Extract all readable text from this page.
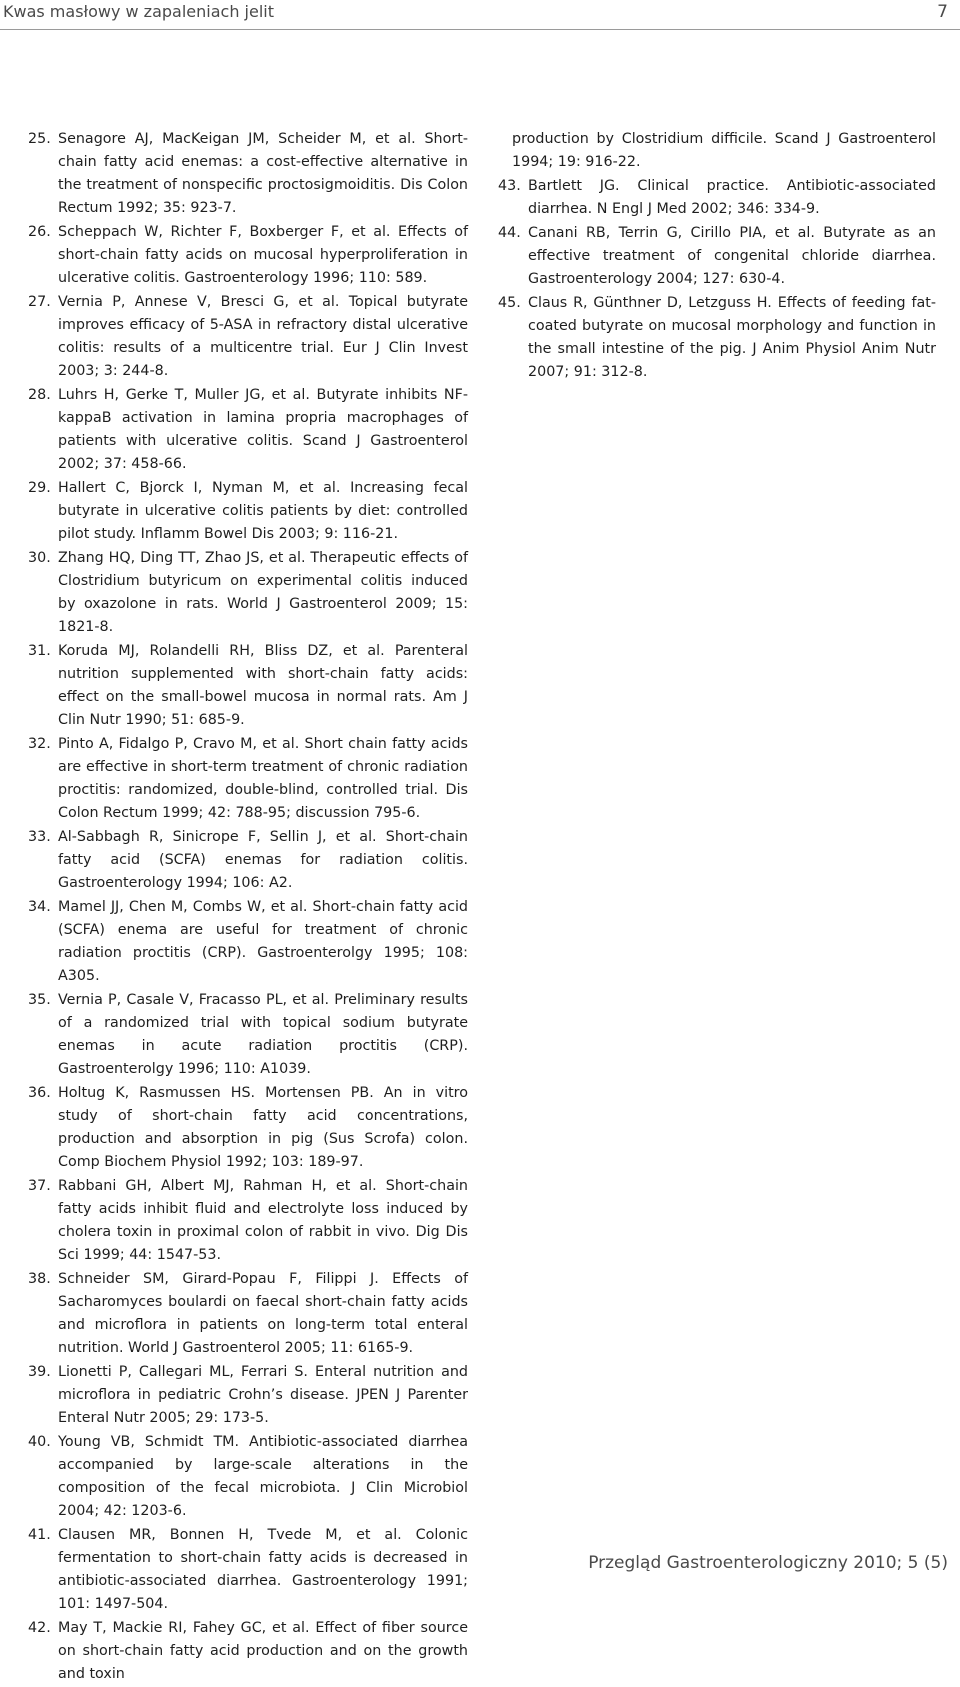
Kwas masłowy w zapaleniach jelit	7
25. Senagore AJ, MacKeigan JM, Scheider M, et al. Short-chain fatty acid enemas: a cost-effective alternative in the treatment of nonspecific proctosigmoiditis. Dis Colon Rectum 1992; 35: 923-7.
26. Scheppach W, Richter F, Boxberger F, et al. Effects of short-chain fatty acids on mucosal hyperproliferation in ulcerative colitis. Gastroenterology 1996; 110: 589.
27. Vernia P, Annese V, Bresci G, et al. Topical butyrate improves efficacy of 5-ASA in refractory distal ulcerative colitis: results of a multicentre trial. Eur J Clin Invest 2003; 3: 244-8.
28. Luhrs H, Gerke T, Muller JG, et al. Butyrate inhibits NF-kappaB activation in lamina propria macrophages of patients with ulcerative colitis. Scand J Gastroenterol 2002; 37: 458-66.
29. Hallert C, Bjorck I, Nyman M, et al. Increasing fecal butyrate in ulcerative colitis patients by diet: controlled pilot study. Inflamm Bowel Dis 2003; 9: 116-21.
30. Zhang HQ, Ding TT, Zhao JS, et al. Therapeutic effects of Clostridium butyricum on experimental colitis induced by oxazolone in rats. World J Gastroenterol 2009; 15: 1821-8.
31. Koruda MJ, Rolandelli RH, Bliss DZ, et al. Parenteral nutrition supplemented with short-chain fatty acids: effect on the small-bowel mucosa in normal rats. Am J Clin Nutr 1990; 51: 685-9.
32. Pinto A, Fidalgo P, Cravo M, et al. Short chain fatty acids are effective in short-term treatment of chronic radiation proctitis: randomized, double-blind, controlled trial. Dis Colon Rectum 1999; 42: 788-95; discussion 795-6.
33. Al-Sabbagh R, Sinicrope F, Sellin J, et al. Short-chain fatty acid (SCFA) enemas for radiation colitis. Gastroenterology 1994; 106: A2.
34. Mamel JJ, Chen M, Combs W, et al. Short-chain fatty acid (SCFA) enema are useful for treatment of chronic radiation proctitis (CRP). Gastroenterolgy 1995; 108: A305.
35. Vernia P, Casale V, Fracasso PL, et al. Preliminary results of a randomized trial with topical sodium butyrate enemas in acute radiation proctitis (CRP). Gastroenterolgy 1996; 110: A1039.
36. Holtug K, Rasmussen HS. Mortensen PB. An in vitro study of short-chain fatty acid concentrations, production and absorption in pig (Sus Scrofa) colon. Comp Biochem Physiol 1992; 103: 189-97.
37. Rabbani GH, Albert MJ, Rahman H, et al. Short-chain fatty acids inhibit fluid and electrolyte loss induced by cholera toxin in proximal colon of rabbit in vivo. Dig Dis Sci 1999; 44: 1547-53.
38. Schneider SM, Girard-Popau F, Filippi J. Effects of Sacharomyces boulardi on faecal short-chain fatty acids and microflora in patients on long-term total enteral nutrition. World J Gastroenterol 2005; 11: 6165-9.
39. Lionetti P, Callegari ML, Ferrari S. Enteral nutrition and microflora in pediatric Crohn’s disease. JPEN J Parenter Enteral Nutr 2005; 29: 173-5.
40. Young VB, Schmidt TM. Antibiotic-associated diarrhea accompanied by large-scale alterations in the composition of the fecal microbiota. J Clin Microbiol 2004; 42: 1203-6.
41. Clausen MR, Bonnen H, Tvede M, et al. Colonic fermentation to short-chain fatty acids is decreased in antibiotic-associated diarrhea. Gastroenterology 1991; 101: 1497-504.
42. May T, Mackie RI, Fahey GC, et al. Effect of fiber source on short-chain fatty acid production and on the growth and toxin
production by Clostridium difficile. Scand J Gastroenterol 1994; 19: 916-22.
43. Bartlett JG. Clinical practice. Antibiotic-associated diarrhea. N Engl J Med 2002; 346: 334-9.
44. Canani RB, Terrin G, Cirillo PIA, et al. Butyrate as an effective treatment of congenital chloride diarrhea. Gastroenterology 2004; 127: 630-4.
45. Claus R, Günthner D, Letzguss H. Effects of feeding fat-coated butyrate on mucosal morphology and function in the small intestine of the pig. J Anim Physiol Anim Nutr 2007; 91: 312-8.
Przegląd Gastroenterologiczny 2010; 5 (5)
